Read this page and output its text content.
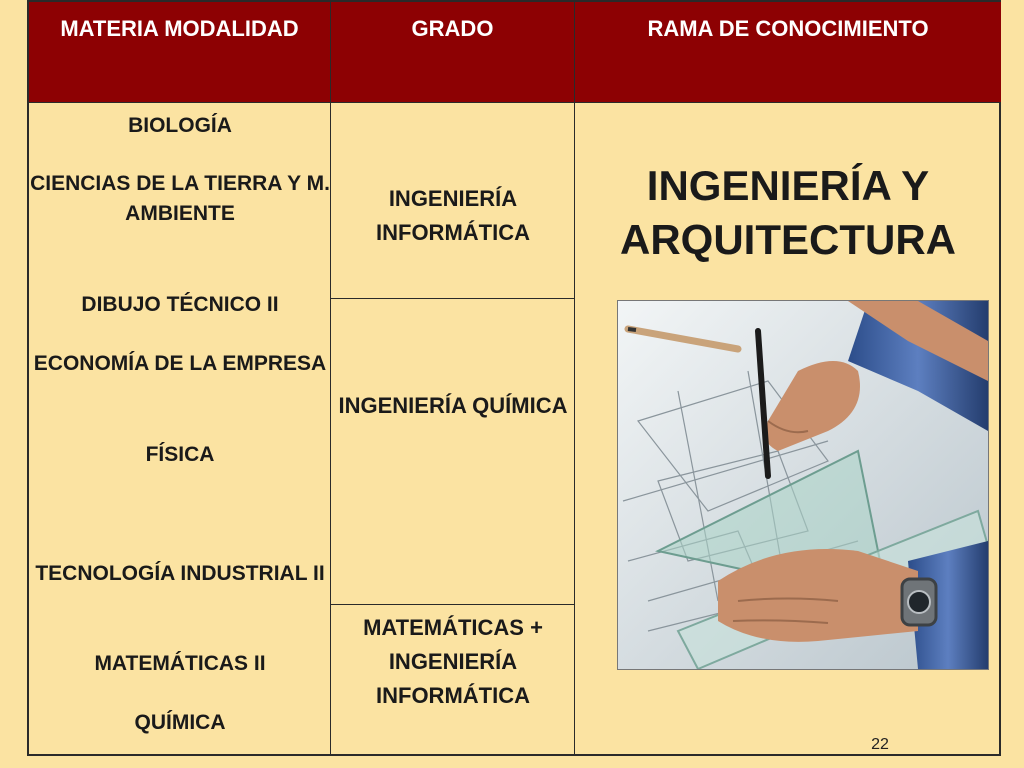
MATERIA MODALIDAD	GRADO	RAMA DE CONOCIMIENTO
BIOLOGÍA
CIENCIAS DE LA TIERRA Y M. AMBIENTE
DIBUJO TÉCNICO II
ECONOMÍA DE LA EMPRESA
FÍSICA
TECNOLOGÍA INDUSTRIAL II
MATEMÁTICAS II
QUÍMICA
INGENIERÍA INFORMÁTICA
INGENIERÍA QUÍMICA
MATEMÁTICAS + INGENIERÍA INFORMÁTICA
INGENIERÍA Y ARQUITECTURA
22
